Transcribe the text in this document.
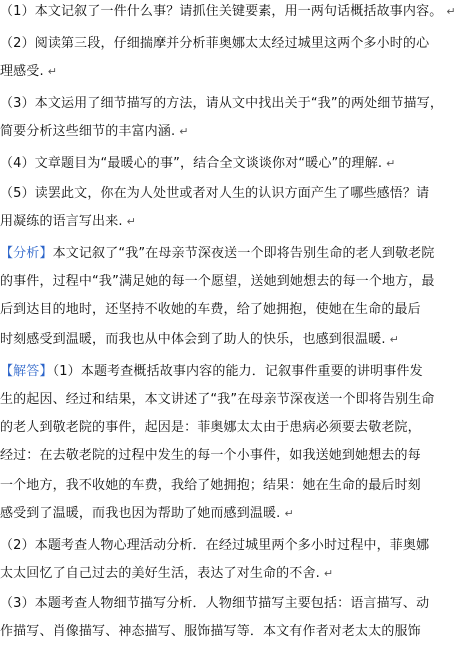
（1）本文记叙了一件什么事？请抓住关键要素，用一两句话概括故事内容。 ↵
（2）阅读第三段，仔细揣摩并分析菲奥娜太太经过城里这两个多小时的心
理感受. ↵
（3）本文运用了细节描写的方法，请从文中找出关于“我”的两处细节描写，
简要分析这些细节的丰富内涵. ↵
（4）文章题目为“最暖心的事”，结合全文谈谈你对“暖心”的理解. ↵
（5）读罢此文，你在为人处世或者对人生的认识方面产生了哪些感悟？请
用凝练的语言写出来. ↵
【分析】本文记叙了“我”在母亲节深夜送一个即将告别生命的老人到敬老院
的事件，过程中“我”满足她的每一个愿望，送她到她想去的每一个地方，最
后到达目的地时，还坚持不收她的车费，给了她拥抱，使她在生命的最后
时刻感受到温暖，而我也从中体会到了助人的快乐，也感到很温暖. ↵
【解答】（1）本题考查概括故事内容的能力．记叙事件重要的讲明事件发
生的起因、经过和结果，本文讲述了“我”在母亲节深夜送一个即将告别生命
的老人到敬老院的事件，起因是：菲奥娜太太由于患病必须要去敬老院，
经过：在去敬老院的过程中发生的每一个小事件，如我送她到她想去的每
一个地方，我不收她的车费，我给了她拥抱；结果：她在生命的最后时刻
感受到了温暖，而我也因为帮助了她而感到温暖. ↵
（2）本题考查人物心理活动分析．在经过城里两个多小时过程中，菲奥娜
太太回忆了自己过去的美好生活，表达了对生命的不舍. ↵
（3）本题考查人物细节描写分析．人物细节描写主要包括：语言描写、动
作描写、肖像描写、神态描写、服饰描写等．本文有作者对老太太的服饰
